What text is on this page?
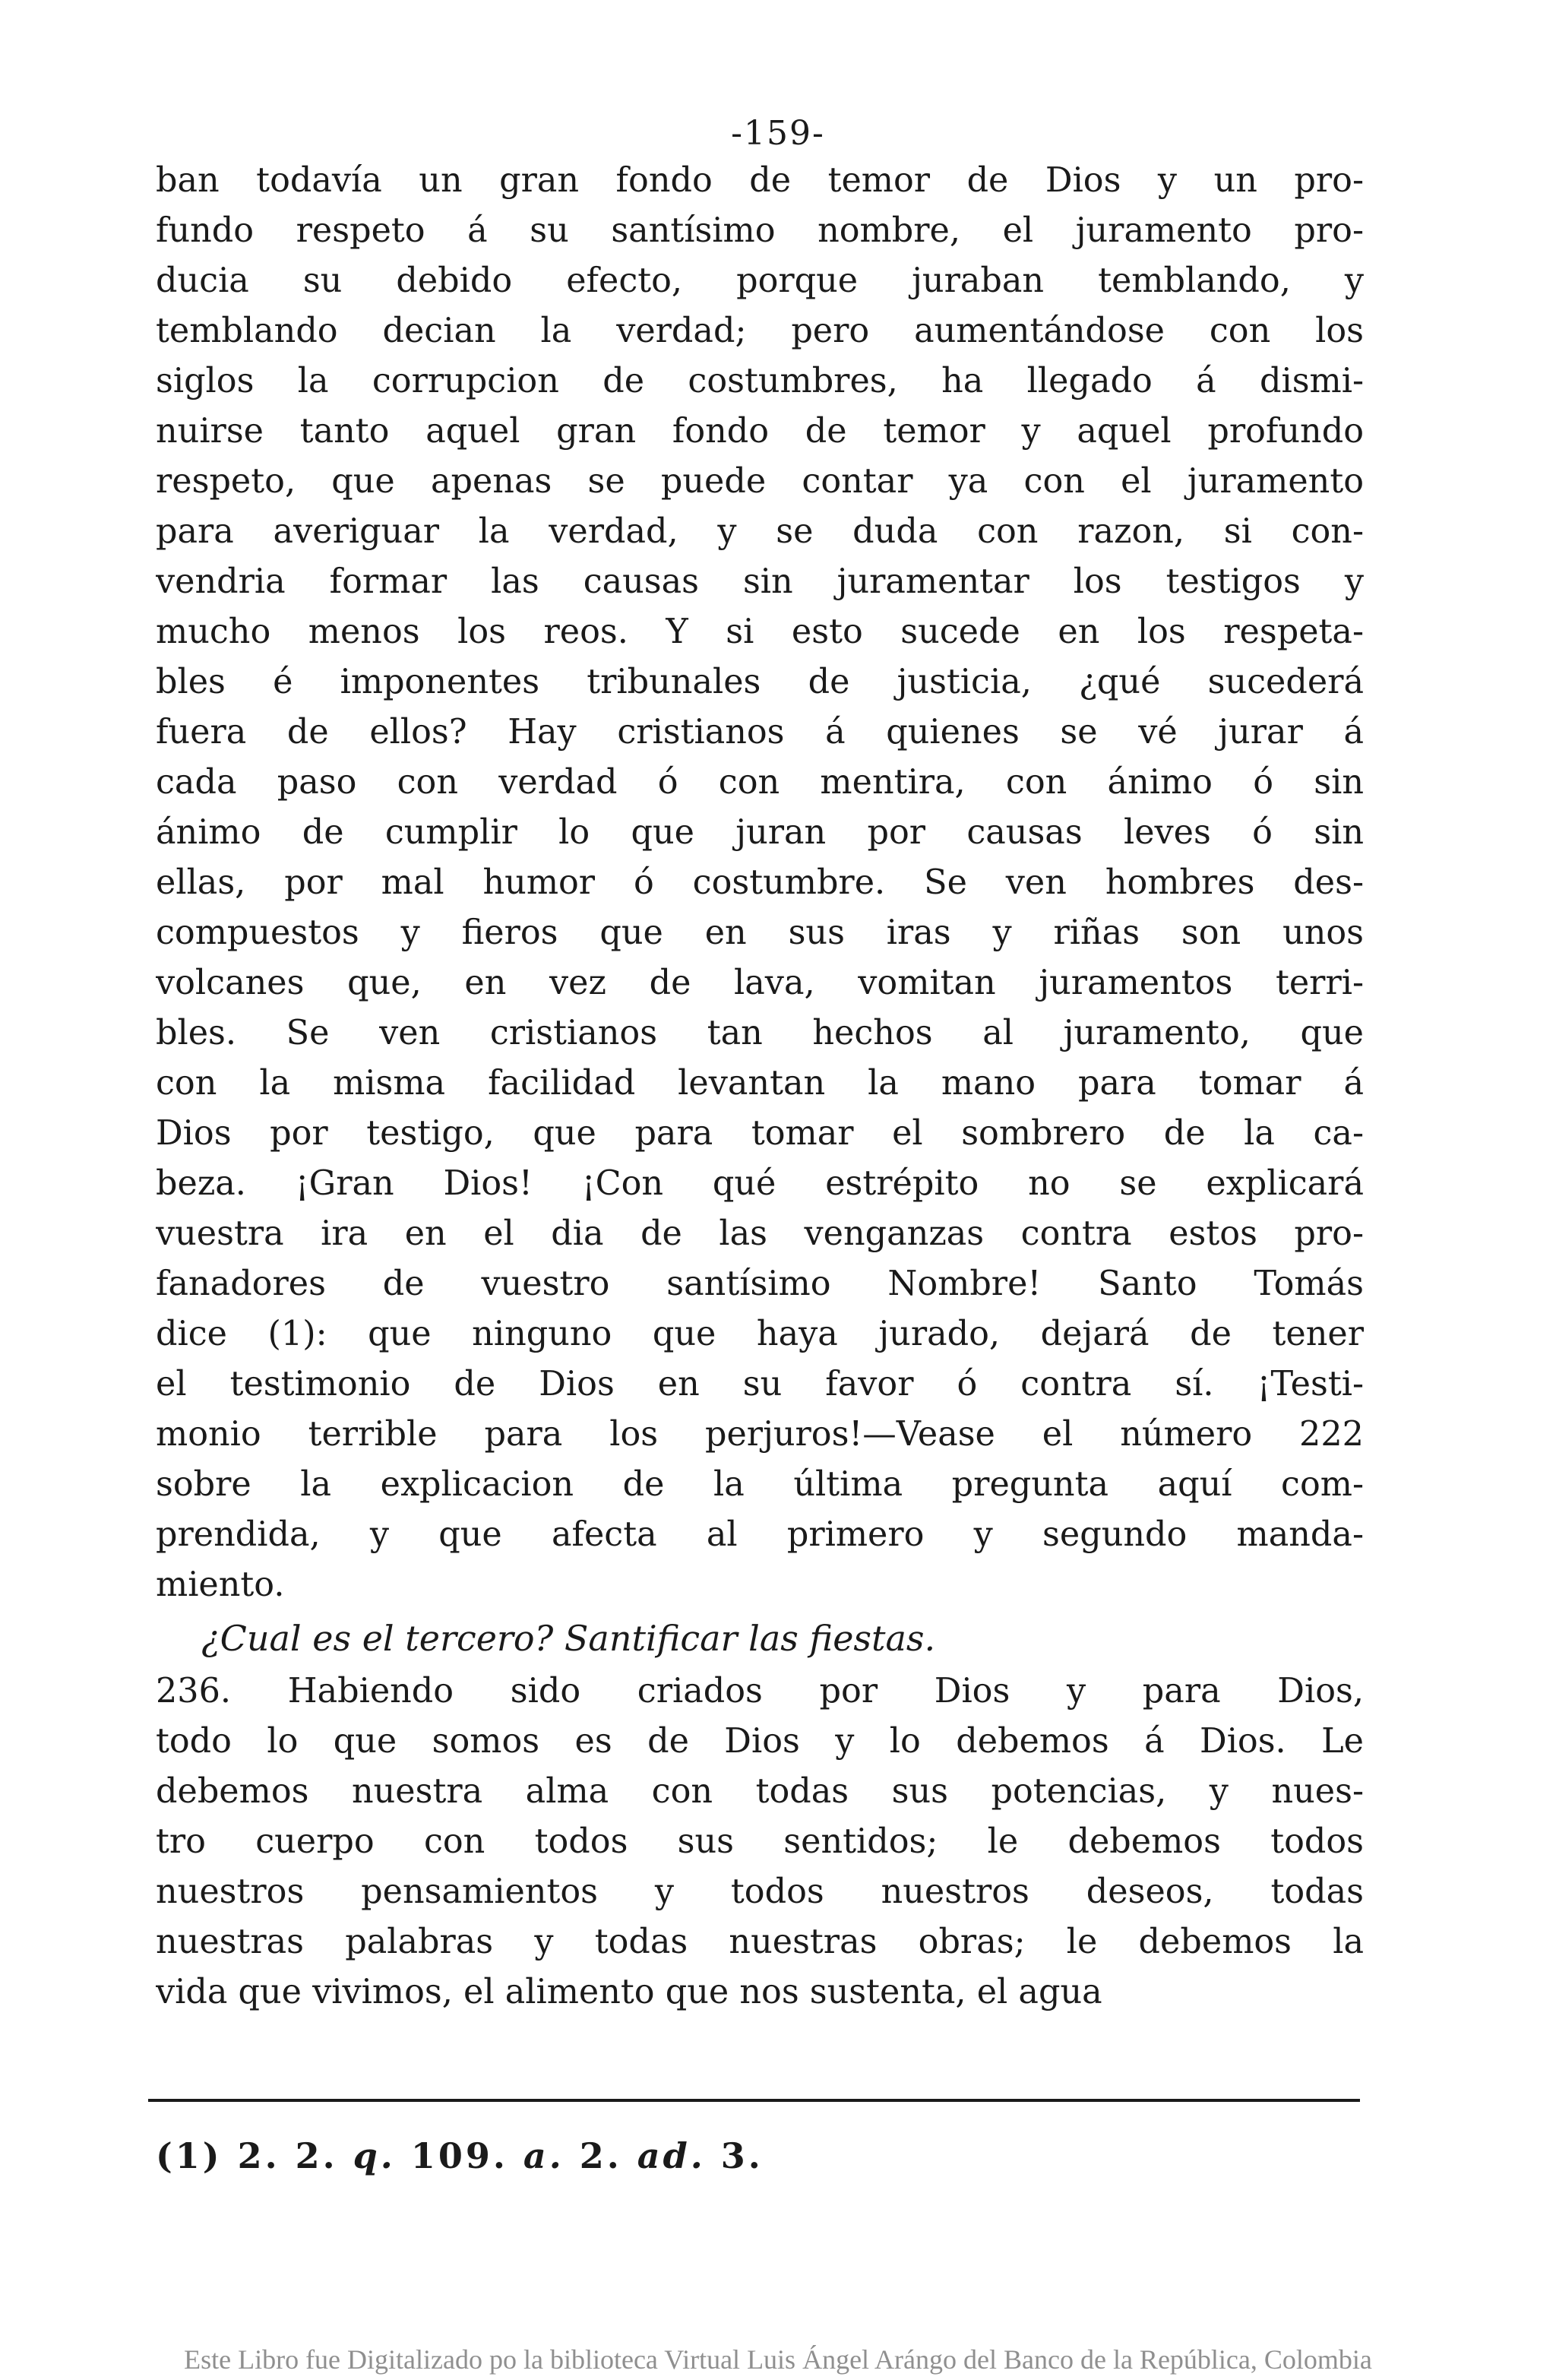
-159-
ban todavía un gran fondo de temor de Dios y un pro-
fundo respeto á su santísimo nombre, el juramento pro-
ducia su debido efecto, porque juraban temblando, y
temblando decian la verdad; pero aumentándose con los
siglos la corrupcion de costumbres, ha llegado á dismi-
nuirse tanto aquel gran fondo de temor y aquel profundo
respeto, que apenas se puede contar ya con el juramento
para averiguar la verdad, y se duda con razon, si con-
vendria formar las causas sin juramentar los testigos y
mucho menos los reos. Y si esto sucede en los respeta-
bles é imponentes tribunales de justicia, ¿qué sucederá
fuera de ellos? Hay cristianos á quienes se vé jurar á
cada paso con verdad ó con mentira, con ánimo ó sin
ánimo de cumplir lo que juran por causas leves ó sin
ellas, por mal humor ó costumbre. Se ven hombres des-
compuestos y fieros que en sus iras y riñas son unos
volcanes que, en vez de lava, vomitan juramentos terri-
bles. Se ven cristianos tan hechos al juramento, que
con la misma facilidad levantan la mano para tomar á
Dios por testigo, que para tomar el sombrero de la ca-
beza. ¡Gran Dios! ¡Con qué estrépito no se explicará
vuestra ira en el dia de las venganzas contra estos pro-
fanadores de vuestro santísimo Nombre! Santo Tomás
dice (1): que ninguno que haya jurado, dejará de tener
el testimonio de Dios en su favor ó contra sí. ¡Testi-
monio terrible para los perjuros!—Vease el número 222
sobre la explicacion de la última pregunta aquí com-
prendida, y que afecta al primero y segundo manda-
miento.
¿Cual es el tercero? Santificar las fiestas.
236. Habiendo sido criados por Dios y para Dios,
todo lo que somos es de Dios y lo debemos á Dios. Le
debemos nuestra alma con todas sus potencias, y nues-
tro cuerpo con todos sus sentidos; le debemos todos
nuestros pensamientos y todos nuestros deseos, todas
nuestras palabras y todas nuestras obras; le debemos la
vida que vivimos, el alimento que nos sustenta, el agua
(1) 2. 2. q. 109. a. 2. ad. 3.
Este Libro fue Digitalizado po la biblioteca Virtual Luis Ángel Arángo del Banco de la República, Colombia
